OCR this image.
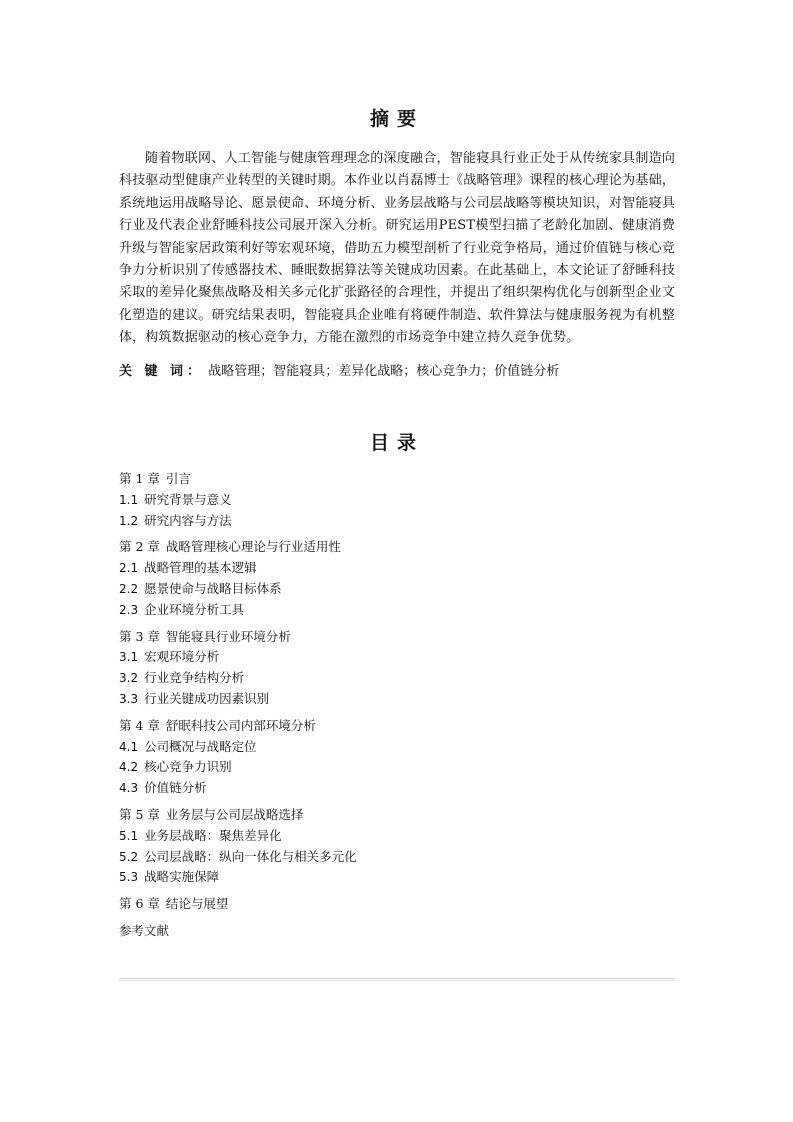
摘要

随着物联网、人工智能与健康管理理念的深度融合，智能寝具行业正处于从传统家具制造向科技驱动型健康产业转型的关键时期。本作业以肖磊博士《战略管理》课程的核心理论为基础，系统地运用战略导论、愿景使命、环境分析、业务层战略与公司层战略等模块知识，对智能寝具行业及代表企业舒睡科技公司展开深入分析。研究运用PEST模型扫描了老龄化加剧、健康消费升级与智能家居政策利好等宏观环境，借助五力模型剖析了行业竞争格局，通过价值链与核心竞争力分析识别了传感器技术、睡眠数据算法等关键成功因素。在此基础上，本文论证了舒睡科技采取的差异化聚焦战略及相关多元化扩张路径的合理性，并提出了组织架构优化与创新型企业文化塑造的建议。研究结果表明，智能寝具企业唯有将硬件制造、软件算法与健康服务视为有机整体，构筑数据驱动的核心竞争力，方能在激烈的市场竞争中建立持久竞争优势。

关 键 词： 战略管理；智能寝具；差异化战略；核心竞争力；价值链分析
目录
第 1 章 引言
1.1 研究背景与意义
1.2 研究内容与方法
第 2 章 战略管理核心理论与行业适用性
2.1 战略管理的基本逻辑
2.2 愿景使命与战略目标体系
2.3 企业环境分析工具
第 3 章 智能寝具行业环境分析
3.1 宏观环境分析
3.2 行业竞争结构分析
3.3 行业关键成功因素识别
第 4 章 舒眠科技公司内部环境分析
4.1 公司概况与战略定位
4.2 核心竞争力识别
4.3 价值链分析
第 5 章 业务层与公司层战略选择
5.1 业务层战略：聚焦差异化
5.2 公司层战略：纵向一体化与相关多元化
5.3 战略实施保障
第 6 章 结论与展望
参考文献
